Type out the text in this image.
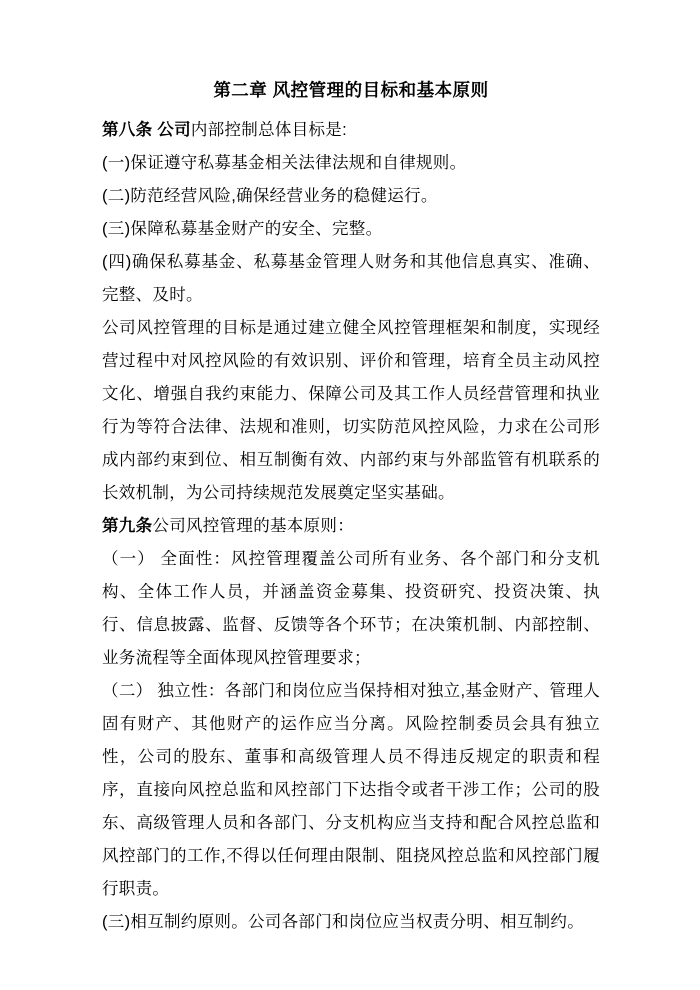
第二章 风控管理的目标和基本原则

第八条 公司内部控制总体目标是:

(一)保证遵守私募基金相关法律法规和自律规则。

(二)防范经营风险,确保经营业务的稳健运行。

(三)保障私募基金财产的安全、完整。

(四)确保私募基金、私募基金管理人财务和其他信息真实、准确、完整、及时。

公司风控管理的目标是通过建立健全风控管理框架和制度，实现经营过程中对风控风险的有效识别、评价和管理，培育全员主动风控文化、增强自我约束能力、保障公司及其工作人员经营管理和执业行为等符合法律、法规和准则，切实防范风控风险，力求在公司形成内部约束到位、相互制衡有效、内部约束与外部监管有机联系的长效机制，为公司持续规范发展奠定坚实基础。

第九条公司风控管理的基本原则：

（一） 全面性：风控管理覆盖公司所有业务、各个部门和分支机构、全体工作人员，并涵盖资金募集、投资研究、投资决策、执行、信息披露、监督、反馈等各个环节；在决策机制、内部控制、业务流程等全面体现风控管理要求；

（二） 独立性：各部门和岗位应当保持相对独立,基金财产、管理人固有财产、其他财产的运作应当分离。风险控制委员会具有独立性，公司的股东、董事和高级管理人员不得违反规定的职责和程序，直接向风控总监和风控部门下达指令或者干涉工作；公司的股东、高级管理人员和各部门、分支机构应当支持和配合风控总监和风控部门的工作,不得以任何理由限制、阻挠风控总监和风控部门履行职责。

(三)相互制约原则。公司各部门和岗位应当权责分明、相互制约。
